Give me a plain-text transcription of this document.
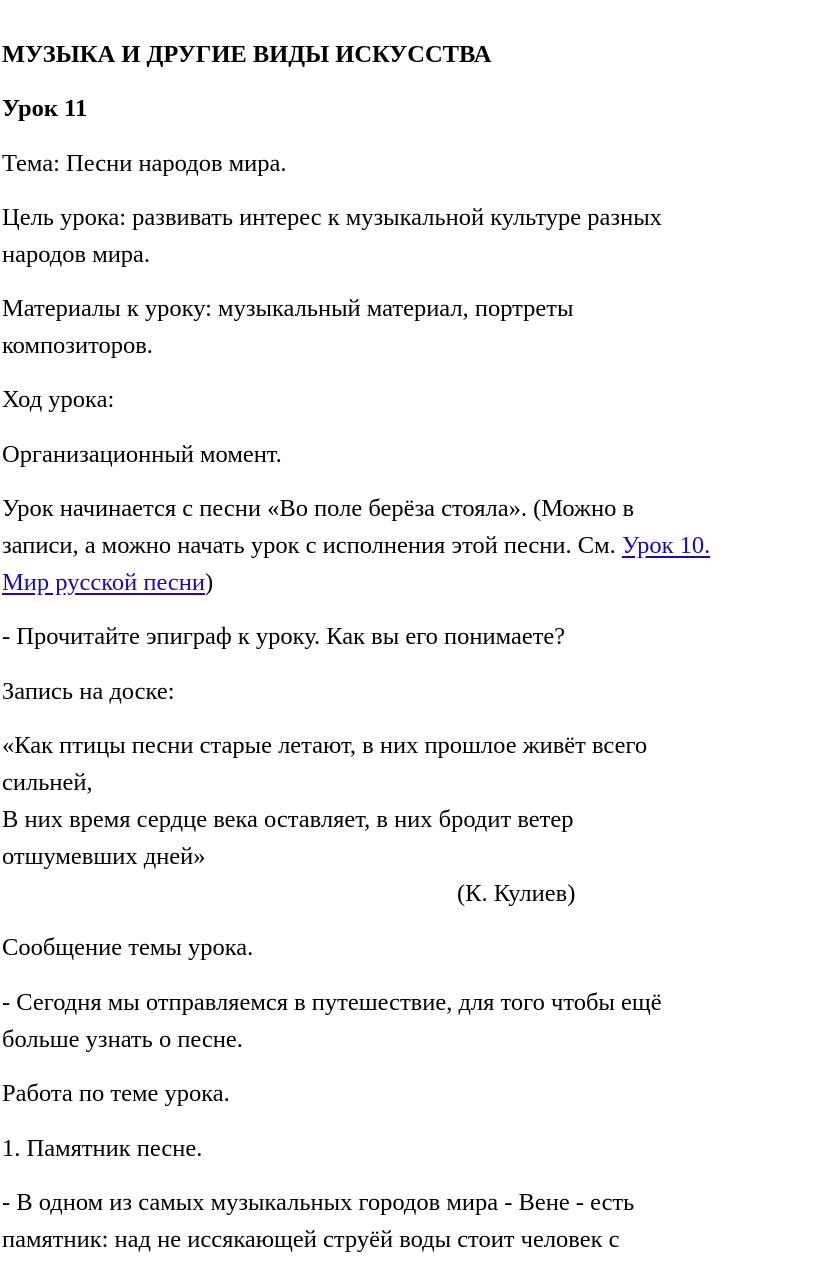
МУЗЫКА И ДРУГИЕ ВИДЫ ИСКУССТВА

Урок 11

Тема: Песни народов мира.

Цель урока: развивать интерес к музыкальной культуре разных

народов мира.

Материалы к уроку: музыкальный материал, портреты

композиторов.

Ход урока:

Организационный момент.

Урок начинается с песни «Во поле берёза стояла». (Можно в

записи, а можно начать урок с исполнения этой песни. См. Урок 10.

Мир русской песни)

- Прочитайте эпиграф к уроку. Как вы его понимаете?

Запись на доске:

«Как птицы песни старые летают, в них прошлое живёт всего

сильней,

В них время сердце века оставляет, в них бродит ветер

отшумевших дней»

(К. Кулиев)

Сообщение темы урока.

- Сегодня мы отправляемся в путешествие, для того чтобы ещё

больше узнать о песне.

Работа по теме урока.

1. Памятник песне.

- В одном из самых музыкальных городов мира - Вене - есть

памятник: над не иссякающей струёй воды стоит человек с
